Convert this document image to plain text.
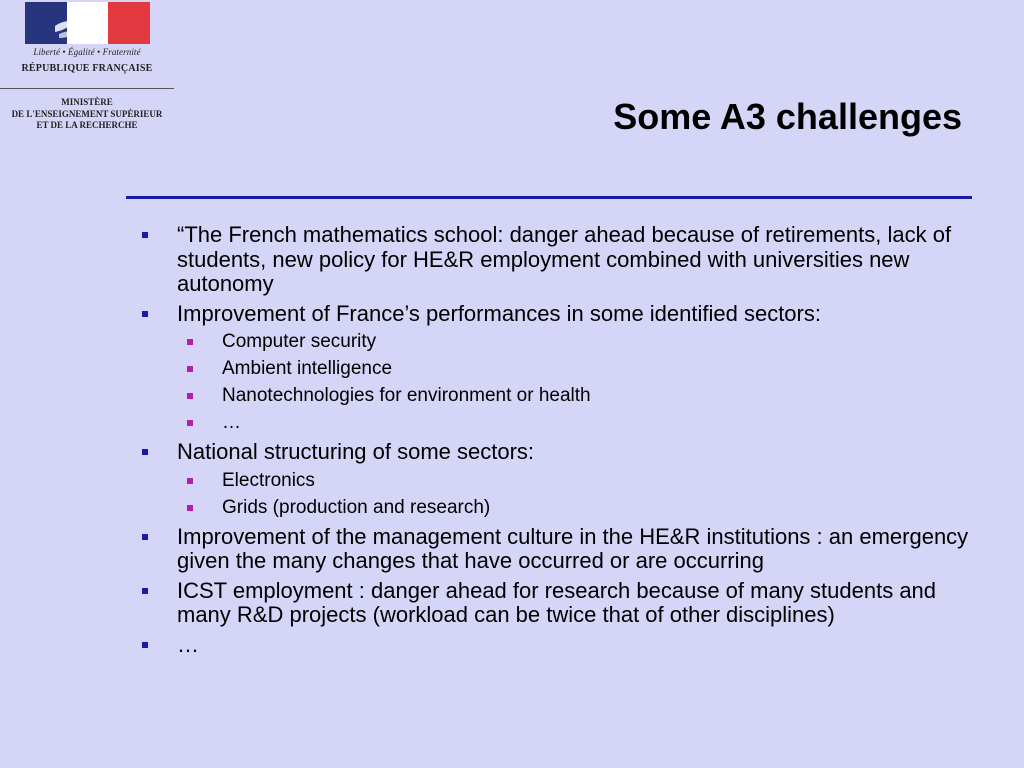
Liberté • Égalité • Fraternité
RÉPUBLIQUE FRANÇAISE
MINISTÈRE
DE L'ENSEIGNEMENT SUPÉRIEUR
ET DE LA RECHERCHE	Some A3 challenges
“The French mathematics school: danger ahead because of retirements, lack of students, new policy for HE&R employment combined with universities new autonomy
Improvement of France’s performances in some identified sectors:
Computer security
Ambient intelligence
Nanotechnologies for environment or health
…
National structuring of some sectors:
Electronics
Grids (production and research)
Improvement of the management culture in the HE&R institutions : an emergency given the many changes that have occurred or are occurring
ICST employment : danger ahead for research because of many students and many R&D projects (workload can be twice that of other disciplines)
…
